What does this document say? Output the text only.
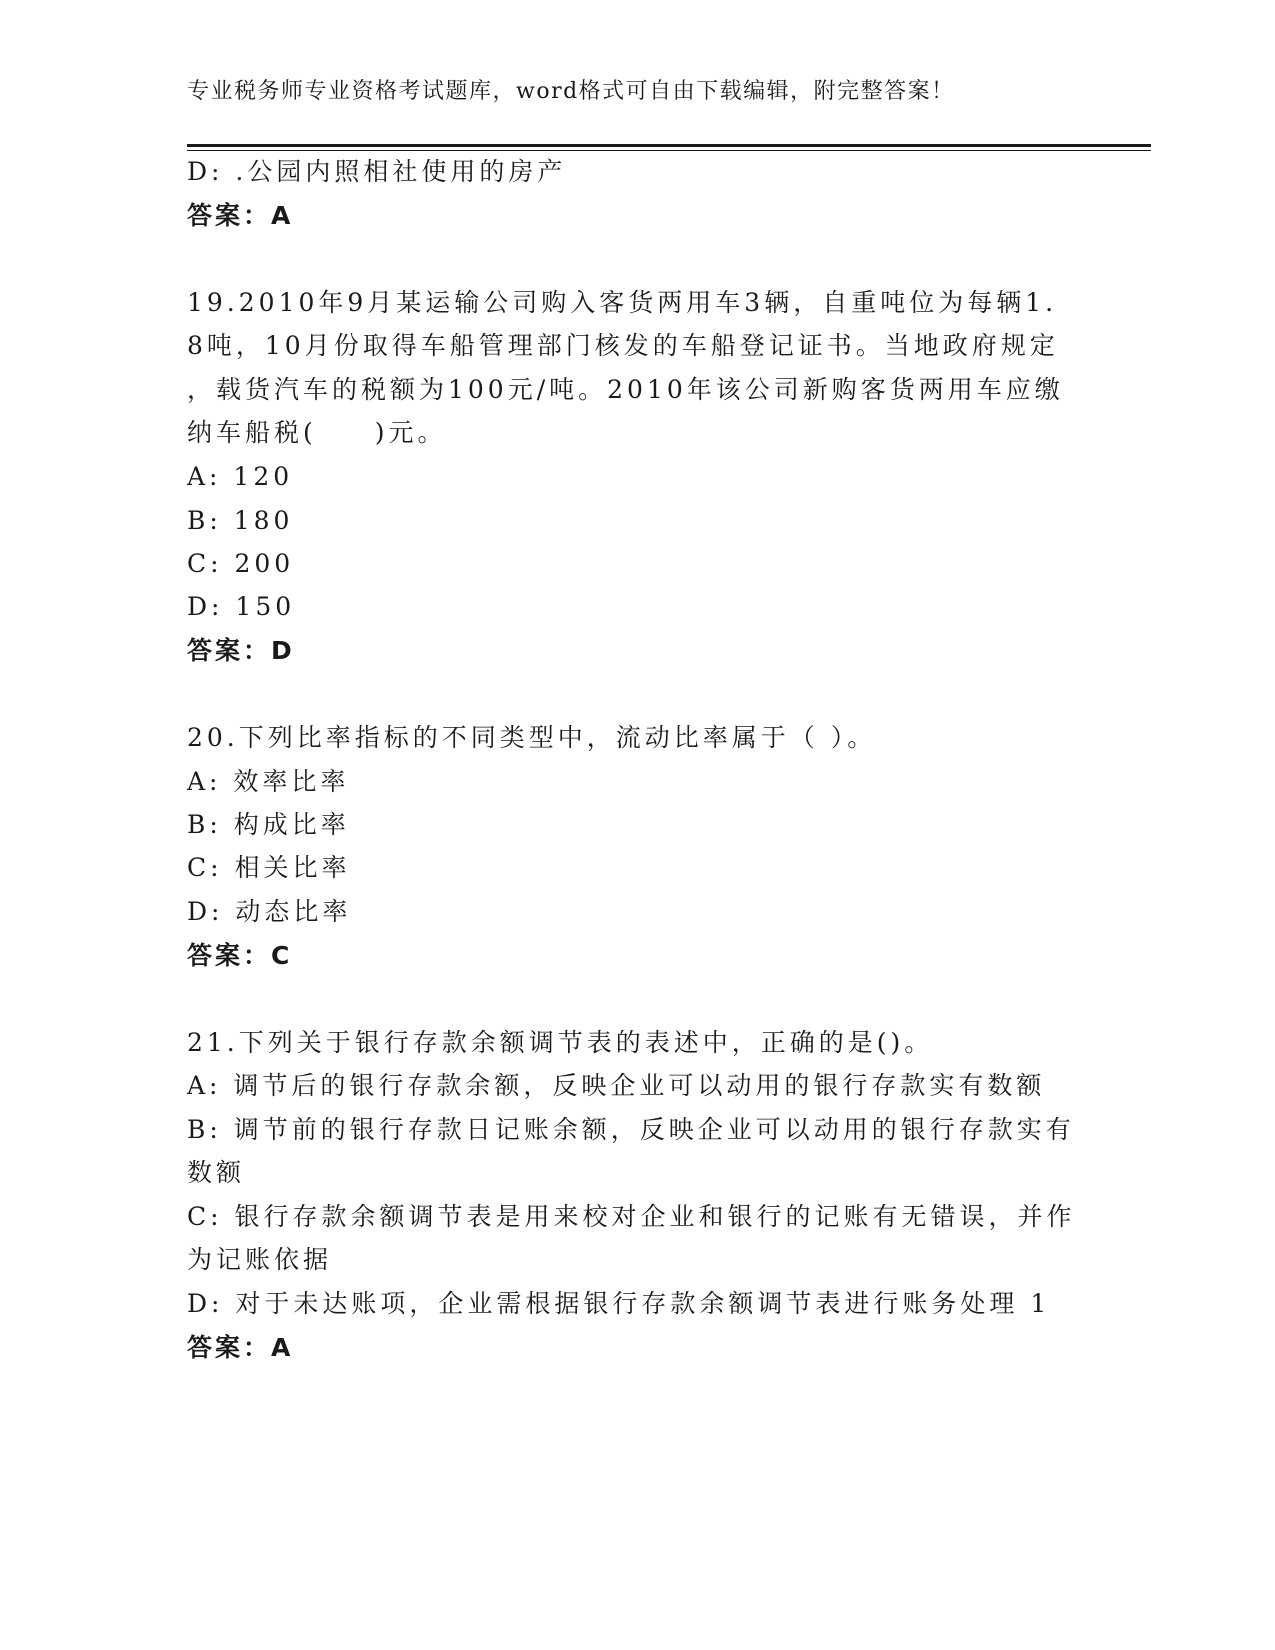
专业税务师专业资格考试题库，word格式可自由下载编辑，附完整答案！
D: .公园内照相社使用的房产
答案：A
19.2010年9月某运输公司购入客货两用车3辆，自重吨位为每辆1.
8吨，10月份取得车船管理部门核发的车船登记证书。当地政府规定
，载货汽车的税额为100元/吨。2010年该公司新购客货两用车应缴
纳车船税(　　)元。
A: 120
B: 180
C: 200
D: 150
答案：D
20.下列比率指标的不同类型中，流动比率属于（ ）。
A: 效率比率
B: 构成比率
C: 相关比率
D: 动态比率
答案：C
21.下列关于银行存款余额调节表的表述中，正确的是()。
A: 调节后的银行存款余额，反映企业可以动用的银行存款实有数额
B: 调节前的银行存款日记账余额，反映企业可以动用的银行存款实有
数额
C: 银行存款余额调节表是用来校对企业和银行的记账有无错误，并作
为记账依据
D: 对于未达账项，企业需根据银行存款余额调节表进行账务处理 1
答案：A
